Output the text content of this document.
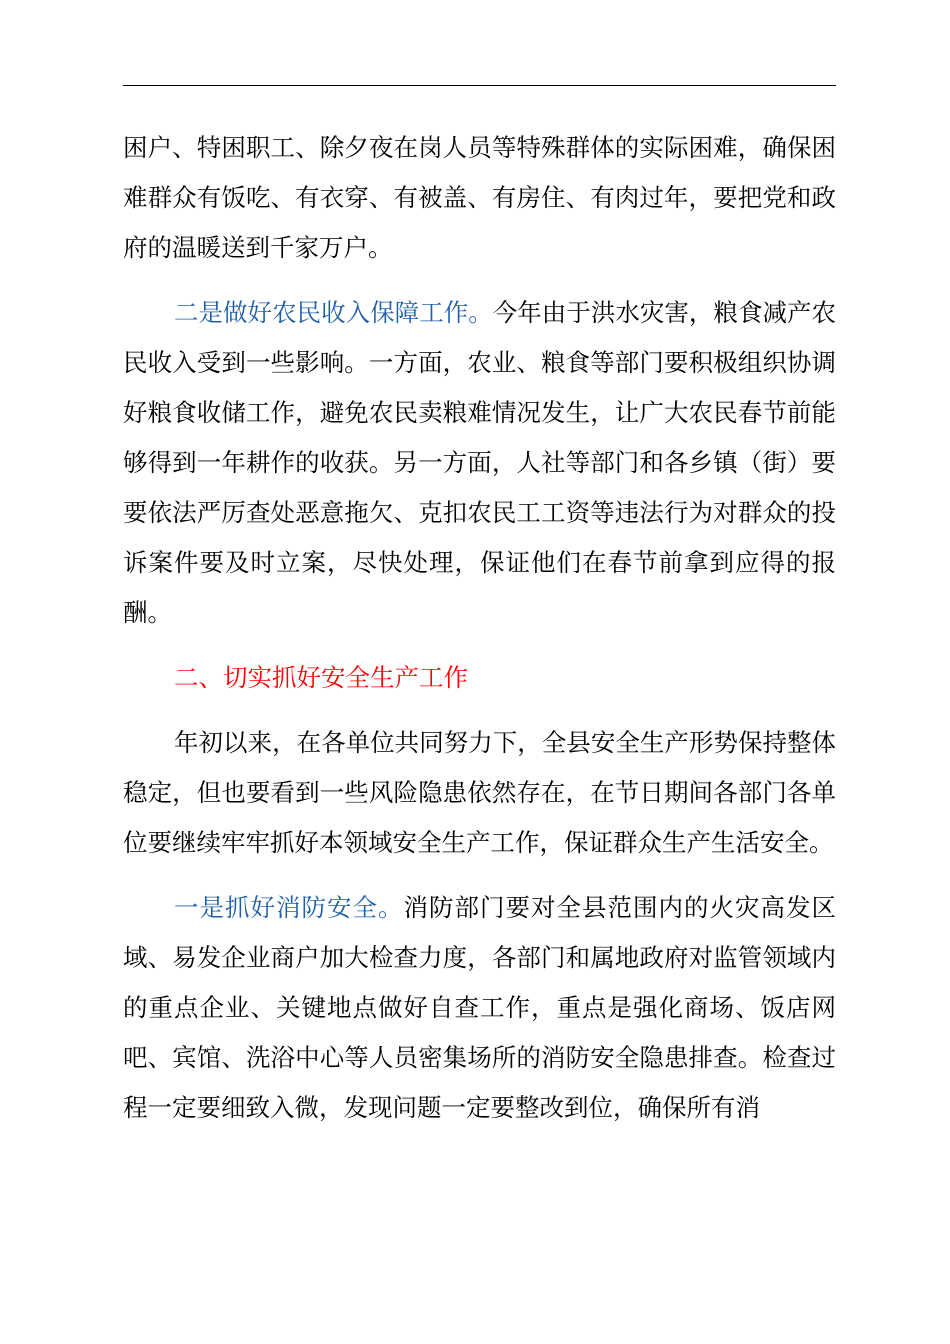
困户、特困职工、除夕夜在岗人员等特殊群体的实际困难，确保困难群众有饭吃、有衣穿、有被盖、有房住、有肉过年，要把党和政府的温暖送到千家万户。

二是做好农民收入保障工作。今年由于洪水灾害，粮食减产农民收入受到一些影响。一方面，农业、粮食等部门要积极组织协调好粮食收储工作，避免农民卖粮难情况发生，让广大农民春节前能够得到一年耕作的收获。另一方面，人社等部门和各乡镇（街）要要依法严厉查处恶意拖欠、克扣农民工工资等违法行为对群众的投诉案件要及时立案，尽快处理，保证他们在春节前拿到应得的报酬。

二、切实抓好安全生产工作

年初以来，在各单位共同努力下，全县安全生产形势保持整体稳定，但也要看到一些风险隐患依然存在，在节日期间各部门各单位要继续牢牢抓好本领域安全生产工作，保证群众生产生活安全。

一是抓好消防安全。消防部门要对全县范围内的火灾高发区域、易发企业商户加大检查力度，各部门和属地政府对监管领域内的重点企业、关键地点做好自查工作，重点是强化商场、饭店网吧、宾馆、洗浴中心等人员密集场所的消防安全隐患排查。检查过程一定要细致入微，发现问题一定要整改到位，确保所有消
